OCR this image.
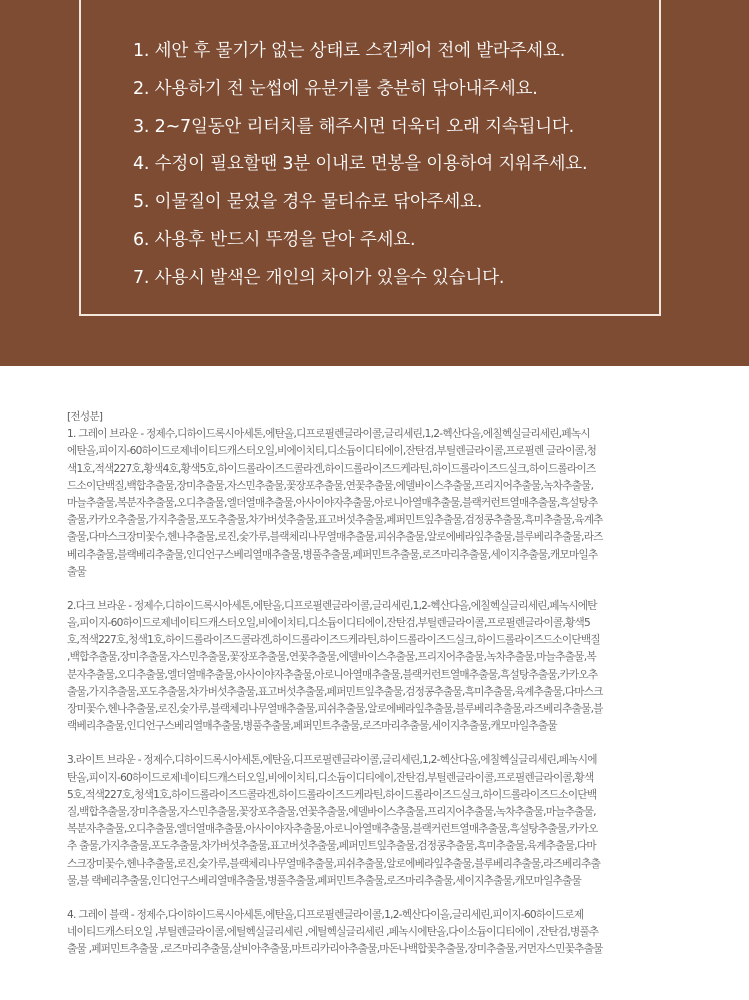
1. 세안 후 물기가 없는 상태로 스킨케어 전에 발라주세요.
2. 사용하기 전 눈썹에 유분기를 충분히 닦아내주세요.
3. 2~7일동안 리터치를 해주시면 더욱더 오래 지속됩니다.
4. 수정이 필요할땐 3분 이내로 면봉을 이용하여 지워주세요.
5. 이물질이 묻었을 경우 물티슈로 닦아주세요.
6. 사용후 반드시 뚜껑을 닫아 주세요.
7. 사용시 발색은 개인의 차이가 있을수 있습니다.
[전성분]
1. 그레이 브라운 - 정제수,디하이드록시아세톤,에탄올,디프로필렌글라이콜,글리세린,1,2-헥산다올,에칠헥실글리세린,페녹시
에탄올,피이지-60하이드로제네이티드캐스터오일,비에이치티,디소듐이디티에이,잔탄검,부틸렌글라이콜,프로필렌 글라이콜,청
색1호,적색227호,황색4호,황색5호,하이드롤라이즈드콜라겐,하이드롤라이즈드케라틴,하이드롤라이즈드실크,하이드롤라이즈
드소이단백질,백합추출물,장미추출물,자스민추출물,꽃장포추출물,연꽃추출물,에델바이스추출물,프리지어추출물,녹차추출물,
마늘추출물,복분자추출물,오디추출물,엘더열매추출물,아사이야자추출물,아로니아열매추출물,블랙커런트열매추출물,흑설탕추
출물,카카오추출물,가지추출물,포도추출물,차가버섯추출물,표고버섯추출물,페퍼민트잎추출물,검정콩추출물,흑미추출물,육계추
출물,다마스크장미꽃수,헨나추출물,로진,숯가루,블랙체리나무열매추출물,피쉬추출물,알로에베라잎추출물,블루베리추출물,라즈
베리추출물,블랙베리추출물,인디언구스베리열매추출물,병풀추출물,페퍼민트추출물,로즈마리추출물,세이지추출물,캐모마일추
출물
2.다크 브라운 - 정제수,디하이드록시아세톤,에탄올,디프로필렌글라이콜,글리세린,1,2-헥산다올,에칠헥실글리세린,페녹시에탄
올,피이지-60하이드로제네이티드캐스터오일,비에이치티,디소듐이디티에이,잔탄검,부틸렌글라이콜,프로필렌글라이콜,황색5
호,적색227호,청색1호,하이드롤라이즈드콜라겐,하이드롤라이즈드케라틴,하이드롤라이즈드실크,하이드롤라이즈드소이단백질
,백합추출물,장미추출물,자스민추출물,꽃장포추출물,연꽃추출물,에델바이스추출물,프리지어추출물,녹차추출물,마늘추출물,복
분자추출물,오디추출물,엘더열매추출물,아사이야자추출물,아로니아열매추출물,블랙커런트열매추출물,흑설탕추출물,카카오추
출물,가지추출물,포도추출물,차가버섯추출물,표고버섯추출물,페퍼민트잎추출물,검정콩추출물,흑미추출물,육계추출물,다마스크
장미꽃수,헨나추출물,로진,숯가루,블랙체리나무열매추출물,피쉬추출물,알로에베라잎추출물,블루베리추출물,라즈베리추출물,블
랙베리추출물,인디언구스베리열매추출물,병풀추출물,페퍼민트추출물,로즈마리추출물,세이지추출물,캐모마일추출물
3.라이트 브라운 - 정제수,디하이드록시아세톤,에탄올,디프로필렌글라이콜,글리세린,1,2-헥산다올,에칠헥실글리세린,페녹시에
탄올,피이지-60하이드로제네이티드캐스터오일,비에이치티,디소듐이디티에이,잔탄검,부틸렌글라이콜,프로필렌글라이콜,황색
5호,적색227호,청색1호,하이드롤라이즈드콜라겐,하이드롤라이즈드케라틴,하이드롤라이즈드실크,하이드롤라이즈드소이단백
질,백합추출물,장미추출물,자스민추출물,꽃장포추출물,연꽃추출물,에델바이스추출물,프리지어추출물,녹차추출물,마늘추출물,
복분자추출물,오디추출물,엘더열매추출물,아사이야자추출물,아로니아열매추출물,블랙커런트열매추출물,흑설탕추출물,카카오
추 출물,가지추출물,포도추출물,차가버섯추출물,표고버섯추출물,페퍼민트잎추출물,검정콩추출물,흑미추출물,육계추출물,다마
스크장미꽃수,헨나추출물,로진,숯가루,블랙체리나무열매추출물,피쉬추출물,알로에베라잎추출물,블루베리추출물,라즈베리추출
물,블 랙베리추출물,인디언구스베리열매추출물,병풀추출물,페퍼민트추출물,로즈마리추출물,세이지추출물,캐모마일추출물
4. 그레이 블랙 - 정제수,다이하이드록시아세톤,에탄올,디프로필렌글라이콜,1,2-헥산다이올,글리세린,피이지-60하이드로제
네이티드캐스터오일 ,부틸렌글라이콜,에틸헥실글리세린 ,에틸헥실글리세린 ,페녹시에탄올,다이소듐이디티에이 ,잔탄검,병풀추
출물 ,페퍼민트추출물 ,로즈마리추출물,살비아추출물,마트리카리아추출물,마돈나백합꽃추출물,장미추출물,커먼자스민꽃추출물
